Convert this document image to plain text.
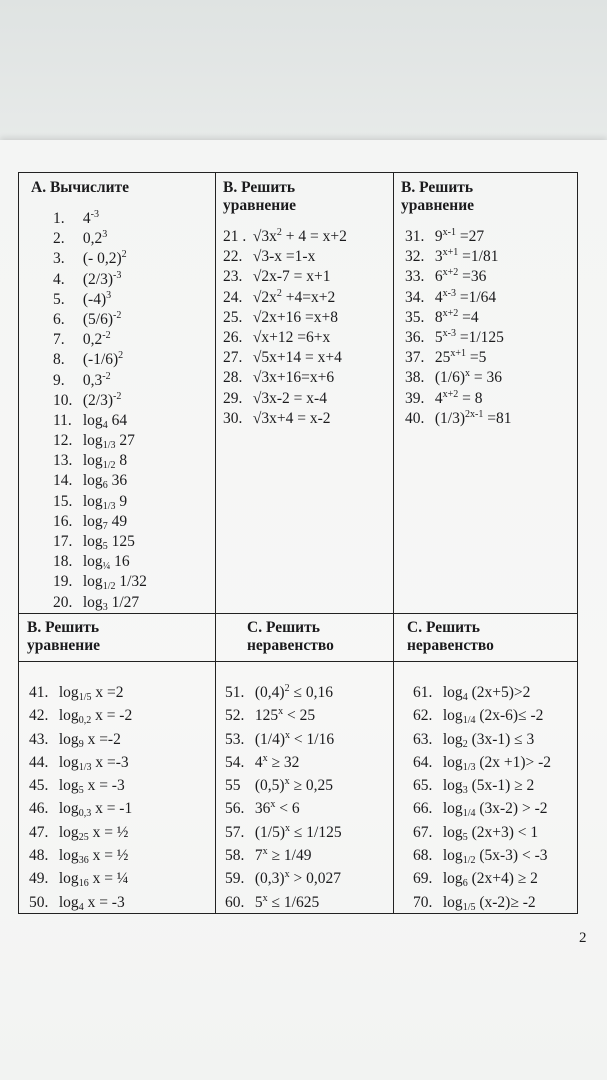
А. Вычислите
1. $4^{-3}$
2. $0,2^3$
3. (- 0,2)$^2$
4. $(2/3)^{-3}$
5. $(-4)^3$
6. $(5/6)^{-2}$
7. $0,2^{-2}$
8. $(-1/6)^2$
9. $0,3^{-2}$
10. $(2/3)^{-2}$
11. $\log_4 64$
12. $\log_{1/3} 27$
13. $\log_{1/2} 8$
14. $\log_6 36$
15. $\log_{1/3} 9$
16. $\log_7 49$
17. $\log_5 125$
18. $\log_{\frac{1}{4}} 16$
19. $\log_{1/2} 1/32$
20. $\log_3 1/27$
В. Решить уравнение
21 . $√3x^2 + 4 = x+2$
22. √3-x =1-x
23. √2x-7 = x+1
24. $√2x^2 +4=x+2$
25. √2x+16 =x+8
26. √x+12 =6+x
27. √5x+14 = x+4
28. √3x+16=x+6
29. √3x-2 = x-4
30. √3x+4 = x-2
В. Решить уравнение
31. $9^{x-1} =27$
32. $3^{x+1} =1/81$
33. $6^{x+2} =36$
34. $4^{x-3} =1/64$
35. $8^{x+2} =4$
36. $5^{x-3} =1/125$
37. $25^{x+1} =5$
38. $(1/6)^x = 36$
39. $4^{x+2} = 8$
40. $(1/3)^{2x-1} =81$
В. Решить уравнение
С. Решить неравенство
С. Решить неравенство
41. $\log_{1/5} x =2$
42. $\log_{0,2} x = -2$
43. $\log_9 x =-2$
44. $\log_{1/3} x =-3$
45. $\log_5 x = -3$
46. $\log_{0,3} x = -1$
47. $\log_{25} x$ = ½
48. $\log_{36} x$ = ½
49. $\log_{16} x$ = ¼
50. $\log_4 x = -3$
51. $(0,4)^2 \le 0,16$
52. $125^x < 25$
53. $(1/4)^x < 1/16$
54. $4^x \ge 32$
55 $(0,5)^x \ge 0,25$
56. $36^x < 6$
57. $(1/5)^x \le 1/125$
58. $7^x \ge 1/49$
59. $(0,3)^x > 0,027$
60. $5^x \le 1/625$
61. $\log_4 (2x+5)>2$
62. $\log_{1/4} (2x-6)\le -2$
63. $\log_2 (3x-1) \le 3$
64. $\log_{1/3} (2x +1)> -2$
65. $\log_3 (5x-1) \ge 2$
66. $\log_{1/4} (3x-2) > -2$
67. $\log_5 (2x+3) < 1$
68. $\log_{1/2} (5x-3) < -3$
69. $\log_6 (2x+4) \ge 2$
70. $\log_{1/5} (x-2)\ge -2$
2
